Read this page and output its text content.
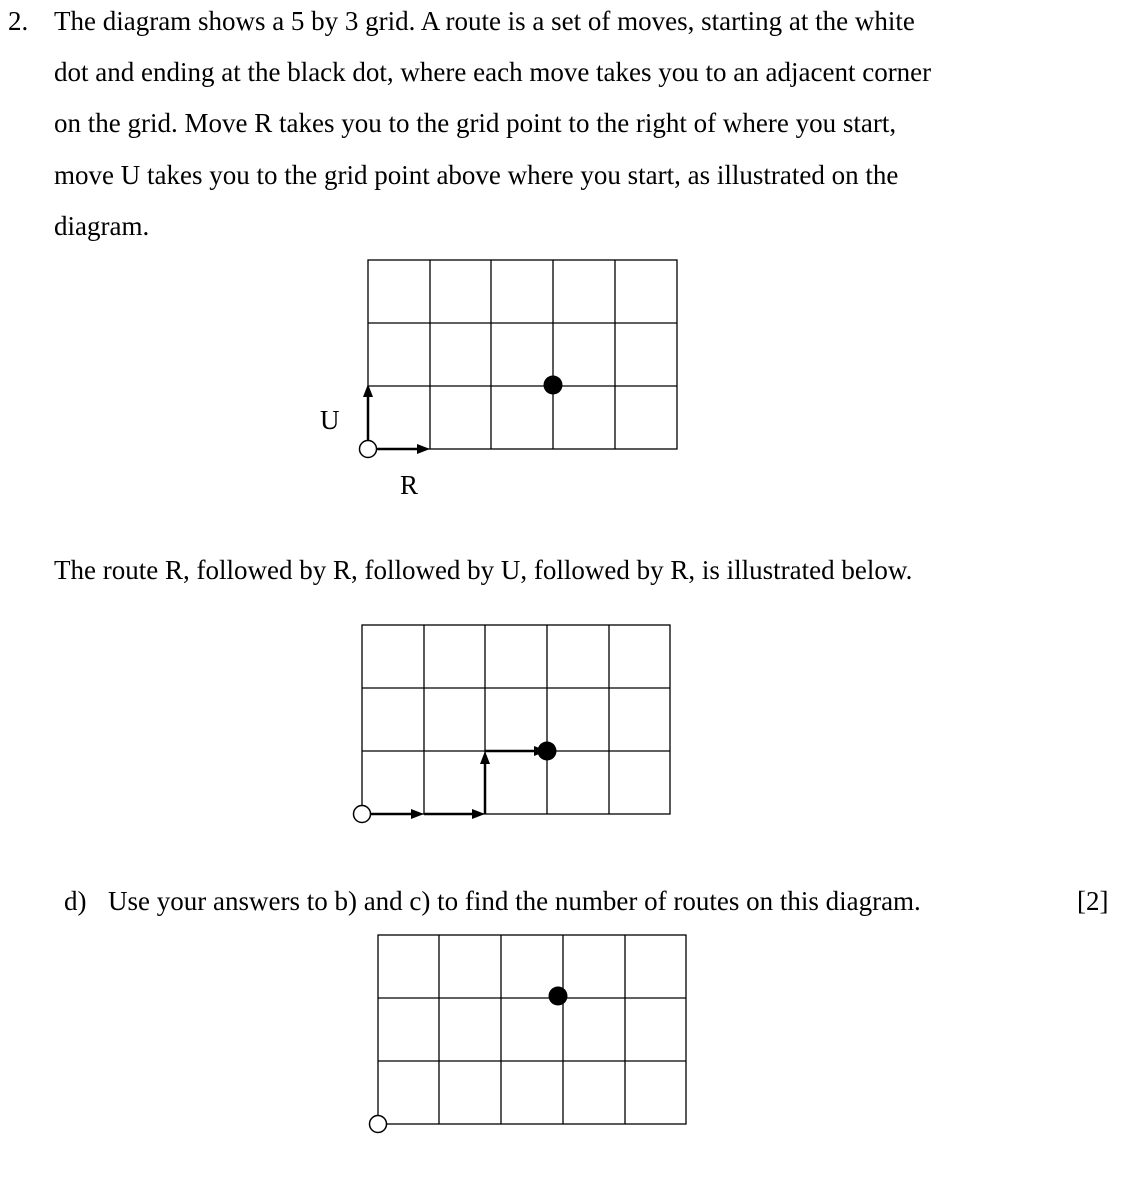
2. The diagram shows a 5 by 3 grid. A route is a set of moves, starting at the white
dot and ending at the black dot, where each move takes you to an adjacent corner
on the grid. Move R takes you to the grid point to the right of where you start,
move U takes you to the grid point above where you start, as illustrated on the
diagram.
U
R
The route R, followed by R, followed by U, followed by R, is illustrated below.
d) Use your answers to b) and c) to find the number of routes on this diagram.	[2]
